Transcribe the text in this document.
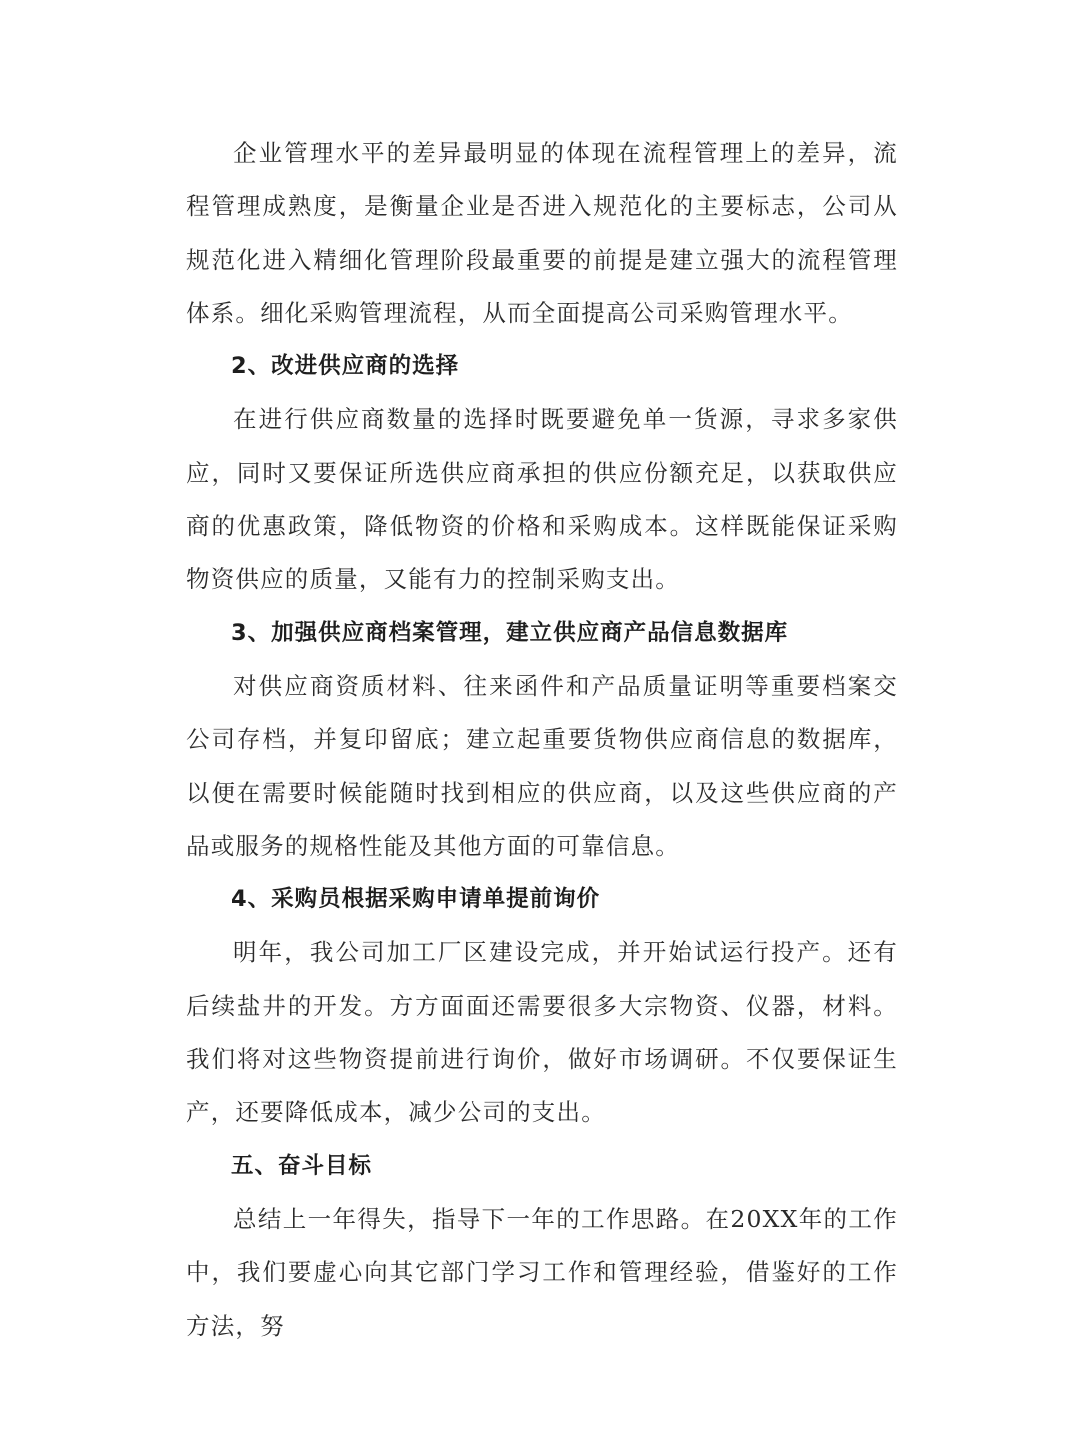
企业管理水平的差异最明显的体现在流程管理上的差异，流程管理成熟度，是衡量企业是否进入规范化的主要标志，公司从规范化进入精细化管理阶段最重要的前提是建立强大的流程管理体系。细化采购管理流程，从而全面提高公司采购管理水平。

2、改进供应商的选择

在进行供应商数量的选择时既要避免单一货源，寻求多家供应，同时又要保证所选供应商承担的供应份额充足，以获取供应商的优惠政策，降低物资的价格和采购成本。这样既能保证采购物资供应的质量，又能有力的控制采购支出。

3、加强供应商档案管理，建立供应商产品信息数据库

对供应商资质材料、往来函件和产品质量证明等重要档案交公司存档，并复印留底；建立起重要货物供应商信息的数据库， 以便在需要时候能随时找到相应的供应商，以及这些供应商的产品或服务的规格性能及其他方面的可靠信息。

4、采购员根据采购申请单提前询价

明年，我公司加工厂区建设完成，并开始试运行投产。还有后续盐井的开发。方方面面还需要很多大宗物资、仪器，材料。我们将对这些物资提前进行询价，做好市场调研。不仅要保证生产，还要降低成本，减少公司的支出。

五、奋斗目标

总结上一年得失，指导下一年的工作思路。在20XX年的工作中，我们要虚心向其它部门学习工作和管理经验，借鉴好的工作方法，努
